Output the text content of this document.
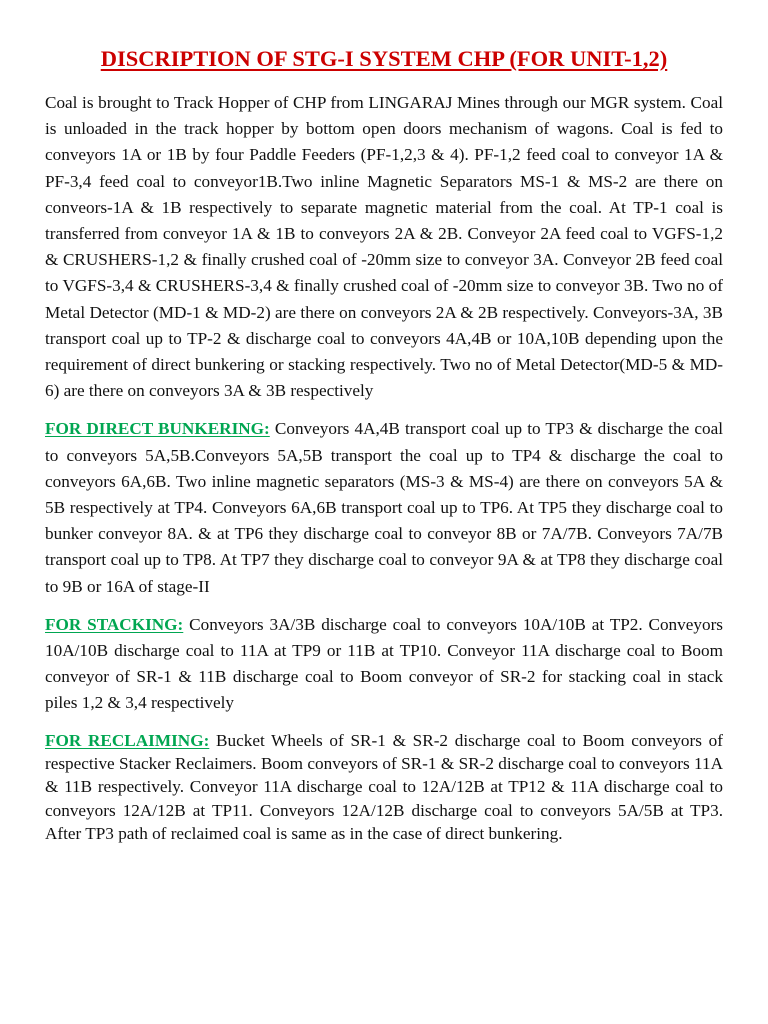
DISCRIPTION OF STG-I SYSTEM CHP (FOR UNIT-1,2)

Coal is brought to Track Hopper of CHP from LINGARAJ Mines through our MGR system. Coal is unloaded in the track hopper by bottom open doors mechanism of wagons. Coal is fed to conveyors 1A or 1B by four Paddle Feeders (PF-1,2,3 & 4). PF-1,2 feed coal to conveyor 1A & PF-3,4 feed coal to conveyor1B.Two inline Magnetic Separators MS-1 & MS-2 are there on conveors-1A & 1B respectively to separate magnetic material from the coal. At TP-1 coal is transferred from conveyor 1A & 1B to conveyors 2A & 2B. Conveyor 2A feed coal to VGFS-1,2 & CRUSHERS-1,2 & finally crushed coal of -20mm size to conveyor 3A. Conveyor 2B feed coal to VGFS-3,4 & CRUSHERS-3,4 & finally crushed coal of -20mm size to conveyor 3B. Two no of Metal Detector (MD-1 & MD-2) are there on conveyors 2A & 2B respectively. Conveyors-3A, 3B transport coal up to TP-2 & discharge coal to conveyors 4A,4B or 10A,10B depending upon the requirement of direct bunkering or stacking respectively. Two no of Metal Detector(MD-5 & MD-6) are there on conveyors 3A & 3B respectively

FOR DIRECT BUNKERING: Conveyors 4A,4B transport coal up to TP3 & discharge the coal to conveyors 5A,5B.Conveyors 5A,5B transport the coal up to TP4 & discharge the coal to conveyors 6A,6B. Two inline magnetic separators (MS-3 & MS-4) are there on conveyors 5A & 5B respectively at TP4. Conveyors 6A,6B transport coal up to TP6. At TP5 they discharge coal to bunker conveyor 8A. & at TP6 they discharge coal to conveyor 8B or 7A/7B. Conveyors 7A/7B transport coal up to TP8. At TP7 they discharge coal to conveyor 9A & at TP8 they discharge coal to 9B or 16A of stage-II

FOR STACKING: Conveyors 3A/3B discharge coal to conveyors 10A/10B at TP2. Conveyors 10A/10B discharge coal to 11A at TP9 or 11B at TP10. Conveyor 11A discharge coal to Boom conveyor of SR-1 & 11B discharge coal to Boom conveyor of SR-2 for stacking coal in stack piles 1,2 & 3,4 respectively

FOR RECLAIMING: Bucket Wheels of SR-1 & SR-2 discharge coal to Boom conveyors of respective Stacker Reclaimers. Boom conveyors of SR-1 & SR-2 discharge coal to conveyors 11A & 11B respectively. Conveyor 11A discharge coal to 12A/12B at TP12 & 11A discharge coal to conveyors 12A/12B at TP11. Conveyors 12A/12B discharge coal to conveyors 5A/5B at TP3. After TP3 path of reclaimed coal is same as in the case of direct bunkering.
